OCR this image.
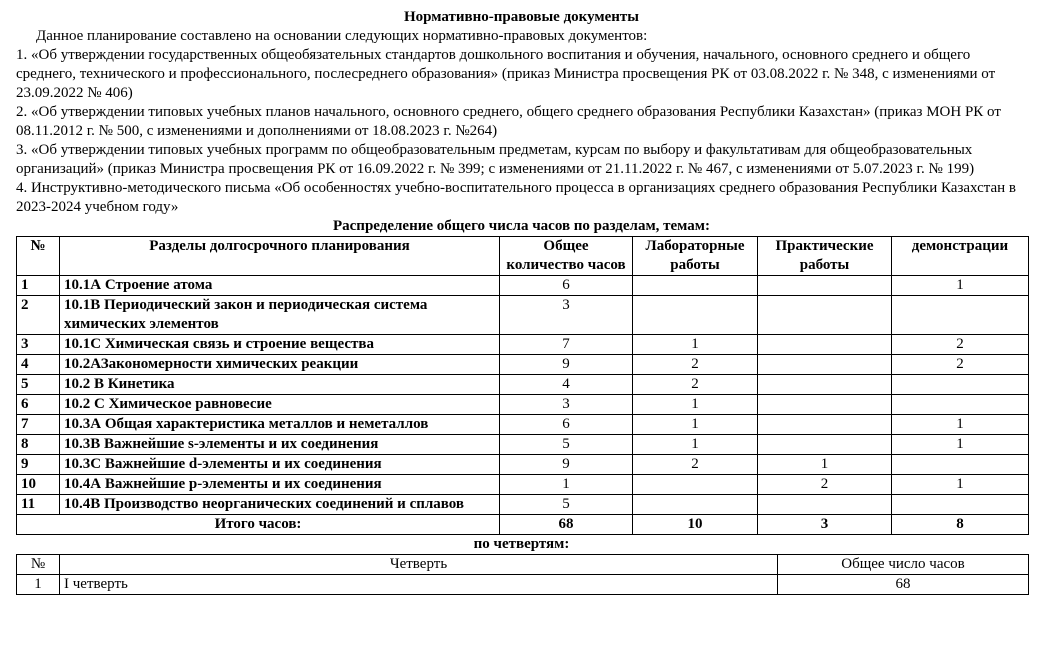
Нормативно-правовые документы

Данное планирование составлено на основании следующих нормативно-правовых документов:

1. «Об утверждении государственных общеобязательных стандартов дошкольного воспитания и обучения, начального, основного среднего и общего среднего, технического и профессионального, послесреднего образования» (приказ Министра просвещения РК от 03.08.2022 г. № 348, с изменениями от 23.09.2022 № 406)

2. «Об утверждении типовых учебных планов начального, основного среднего, общего среднего образования Республики Казахстан» (приказ МОН РК от 08.11.2012 г. № 500, с изменениями и дополнениями от 18.08.2023 г. №264)

3. «Об утверждении типовых учебных программ по общеобразовательным предметам, курсам по выбору и факультативам для общеобразовательных организаций» (приказ Министра просвещения РК от 16.09.2022 г. № 399; с изменениями от 21.11.2022 г. № 467, с изменениями от 5.07.2023 г. № 199)

4. Инструктивно-методического письма «Об особенностях учебно-воспитательного процесса в организациях среднего образования Республики Казахстан в 2023-2024 учебном году»

Распределение общего числа часов по разделам, темам:

№	Разделы долгосрочного планирования	Общее количество часов	Лабораторные работы	Практические работы	демонстрации
1	10.1А Строение атома	6			1
2	10.1В Периодический закон и периодическая система химических элементов	3			
3	10.1С Химическая связь и строение вещества	7	1		2
4	10.2АЗакономерности химических реакции	9	2		2
5	10.2 В Кинетика	4	2		
6	10.2 С Химическое равновесие	3	1		
7	10.3А Общая характеристика металлов и неметаллов	6	1		1
8	10.3В Важнейшие s-элементы и их соединения	5	1		1
9	10.3С Важнейшие d-элементы и их соединения	9	2	1	
10	10.4А Важнейшие p-элементы и их соединения	1		2	1
11	10.4В Производство неорганических соединений и сплавов	5			
Итого часов:		68	10	3	8

по четвертям:

№	Четверть	Общее число часов
1	I четверть	68
